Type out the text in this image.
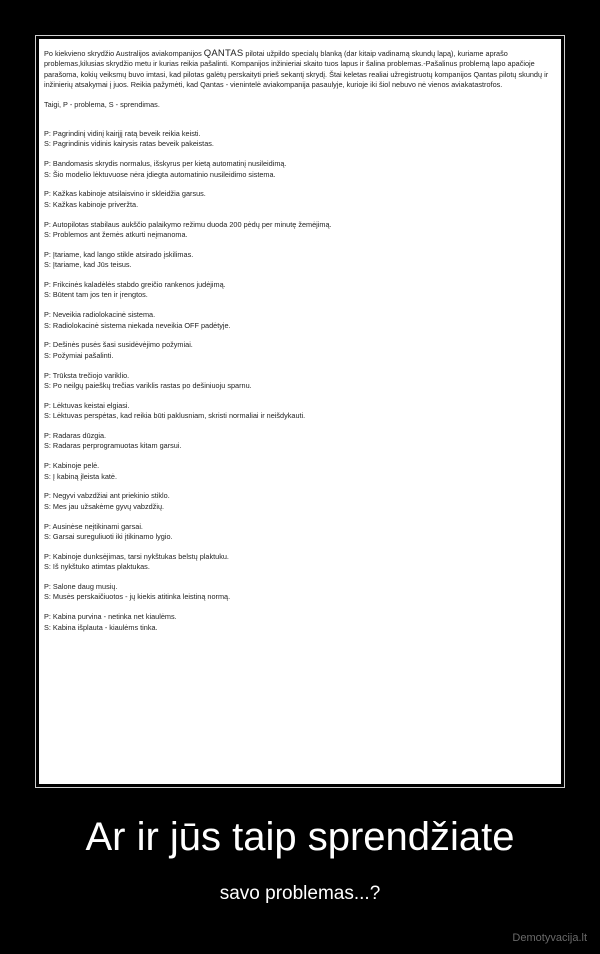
Po kiekvieno skrydžio Australijos aviakompanijos QANTAS pilotai užpildo specialų blanką (dar kitaip vadinamą skundų lapą), kuriame aprašo problemas,kilusias skrydžio metu ir kurias reikia pašalinti. Kompanijos inžinieriai skaito tuos lapus ir šalina problemas.-Pašalinus problemą lapo apačioje parašoma, kokių veiksmų buvo imtasi, kad pilotas galėtų perskaityti prieš sekantį skrydį. Štai keletas realiai užregistruotų kompanijos Qantas pilotų skundų ir inžinierių atsakymai į juos. Reikia pažymėti, kad Qantas - vienintelė aviakompanija pasaulyje, kurioje iki šiol nebuvo nė vienos aviakatastrofos.

Taigi, P - problema, S - sprendimas.

P: Pagrindinį vidinį kairįjį ratą beveik reikia keisti.

S: Pagrindinis vidinis kairysis ratas beveik pakeistas.

P: Bandomasis skrydis normalus, išskyrus per kietą automatinį nusileidimą.

S: Šio modelio lėktuvuose nėra įdiegta automatinio nusileidimo sistema.

P: Kažkas kabinoje atsilaisvino ir skleidžia garsus.

S: Kažkas kabinoje priveržta.

P: Autopilotas stabilaus aukščio palaikymo režimu duoda 200 pėdų per minutę žemėjimą.

S: Problemos ant žemės atkurti neįmanoma.

P: Įtariame, kad lango stikle atsirado įskilimas.

S: Įtariame, kad Jūs teisus.

P: Frikcinės kaladėlės stabdo greičio rankenos judėjimą.

S: Būtent tam jos ten ir įrengtos.

P: Neveikia radiolokacinė sistema.

S: Radiolokacinė sistema niekada neveikia OFF padėtyje.

P: Dešinės pusės šasi susidėvėjimo požymiai.

S: Požymiai pašalinti.

P: Trūksta trečiojo variklio.

S: Po neilgų paieškų trečias variklis rastas po dešiniuoju sparnu.

P: Lėktuvas keistai elgiasi.

S: Lėktuvas perspėtas, kad reikia būti paklusniam, skristi normaliai ir neišdykauti.

P: Radaras dūzgia.

S: Radaras perprogramuotas kitam garsui.

P: Kabinoje pelė.

S: Į kabiną įleista katė.

P: Negyvi vabzdžiai ant priekinio stiklo.

S: Mes jau užsakėme gyvų vabzdžių.

P: Ausinėse neįtikinami garsai.

S: Garsai sureguliuoti iki įtikinamo lygio.

P: Kabinoje dunksėjimas, tarsi nykštukas belstų plaktuku.

S: Iš nykštuko atimtas plaktukas.

P: Salone daug musių.

S: Musės perskaičiuotos - jų kiekis atitinka leistiną normą.

P: Kabina purvina - netinka net kiaulėms.

S: Kabina išplauta - kiaulėms tinka.

Ar ir jūs taip sprendžiate
savo problemas...?
Demotyvacija.lt
